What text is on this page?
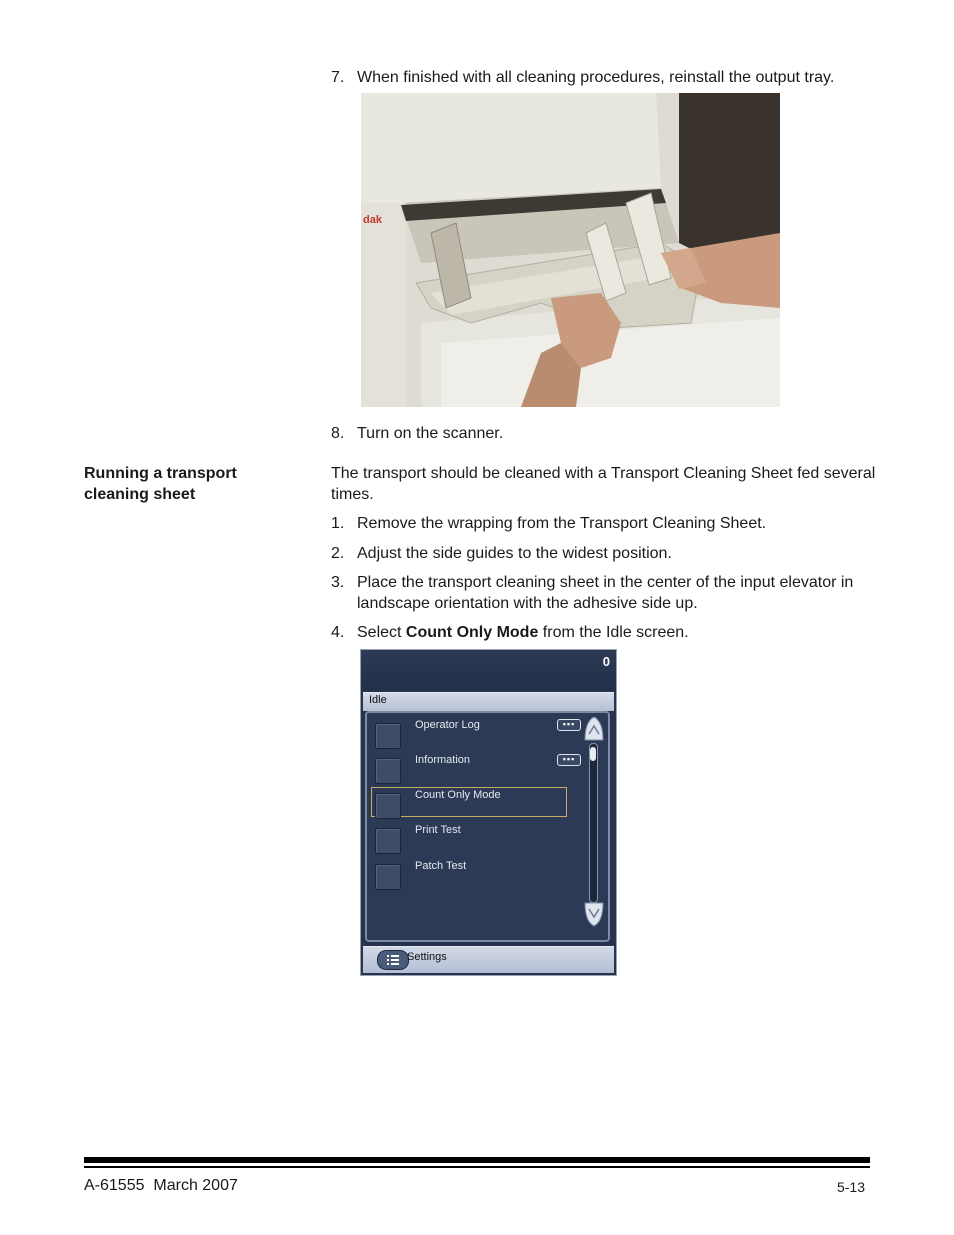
7. When finished with all cleaning procedures, reinstall the output tray.
dak
8. Turn on the scanner.
Running a transport cleaning sheet
The transport should be cleaned with a Transport Cleaning Sheet fed several times.
1. Remove the wrapping from the Transport Cleaning Sheet.
2. Adjust the side guides to the widest position.
3. Place the transport cleaning sheet in the center of the input elevator in landscape orientation with the adhesive side up.
4. Select Count Only Mode from the Idle screen.
0
Idle
Operator Log	▪▪▪
Information	▪▪▪
Count Only Mode
Print Test
Patch Test
Settings
A-61555  March 2007	5-13
